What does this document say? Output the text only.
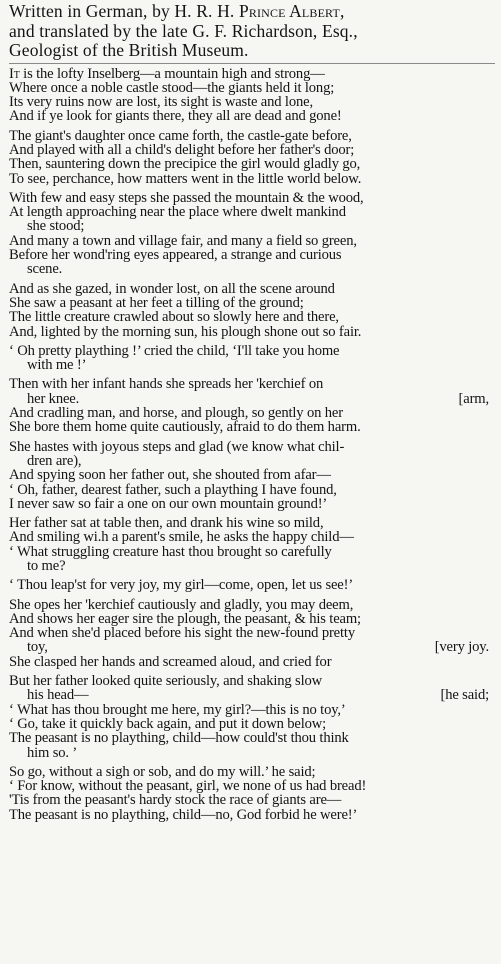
Written in German, by H. R. H. Prince Albert,
and translated by the late G. F. Richardson, Esq.,
Geologist of the British Museum.
It is the lofty Inselberg—a mountain high and strong—
Where once a noble castle stood—the giants held it long;
Its very ruins now are lost, its sight is waste and lone,
And if ye look for giants there, they all are dead and gone!
The giant's daughter once came forth, the castle-gate before,
And played with all a child's delight before her father's door;
Then, sauntering down the precipice the girl would gladly go,
To see, perchance, how matters went in the little world below.
With few and easy steps she passed the mountain & the wood,
At length approaching near the place where dwelt mankind
she stood;
And many a town and village fair, and many a field so green,
Before her wond'ring eyes appeared, a strange and curious
scene.
And as she gazed, in wonder lost, on all the scene around
She saw a peasant at her feet a tilling of the ground;
The little creature crawled about so slowly here and there,
And, lighted by the morning sun, his plough shone out so fair.
‘ Oh pretty plaything !’ cried the child, ‘I'll take you home
with me !’
Then with her infant hands she spreads her 'kerchief on
her knee.	[arm,
And cradling man, and horse, and plough, so gently on her
She bore them home quite cautiously, afraid to do them harm.
She hastes with joyous steps and glad (we know what chil-
dren are),
And spying soon her father out, she shouted from afar—
‘ Oh, father, dearest father, such a plaything I have found,
I never saw so fair a one on our own mountain ground!’
Her father sat at table then, and drank his wine so mild,
And smiling wi.h a parent's smile, he asks the happy child—
‘ What struggling creature hast thou brought so carefully
to me?
‘ Thou leap'st for very joy, my girl—come, open, let us see!’
She opes her 'kerchief cautiously and gladly, you may deem,
And shows her eager sire the plough, the peasant, & his team;
And when she'd placed before his sight the new-found pretty
toy,	[very joy.
She clasped her hands and screamed aloud, and cried for
But her father looked quite seriously, and shaking slow
his head—	[he said;
‘ What has thou brought me here, my girl?—this is no toy,’
‘ Go, take it quickly back again, and put it down below;
The peasant is no plaything, child—how could'st thou think
him so. ’
So go, without a sigh or sob, and do my will.’ he said;
‘ For know, without the peasant, girl, we none of us had bread!
'Tis from the peasant's hardy stock the race of giants are—
The peasant is no plaything, child—no, God forbid he were!’
